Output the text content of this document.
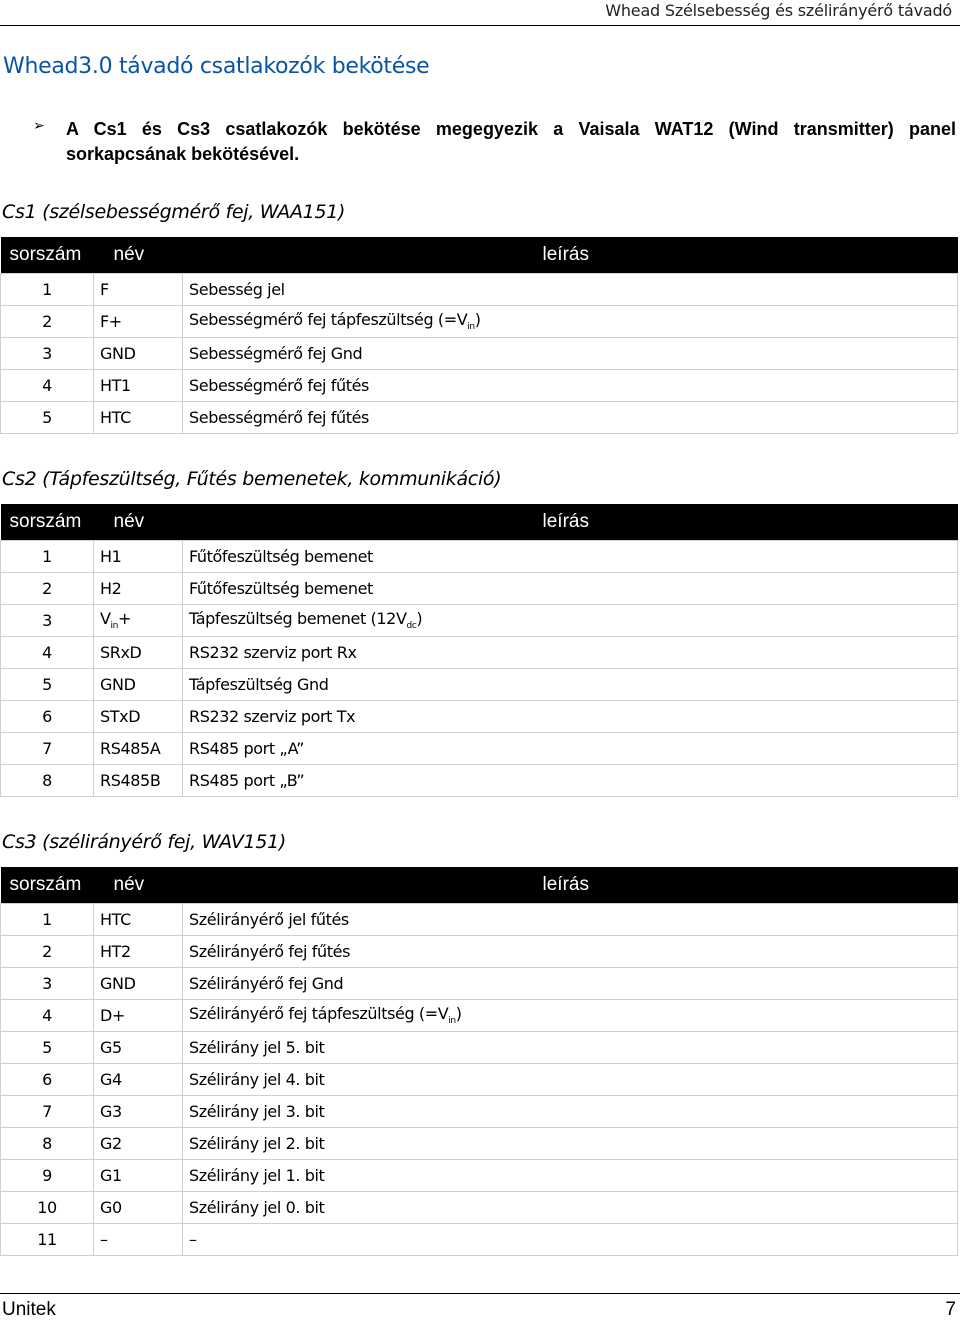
Whead Szélsebesség és szélirányérő távadó
Whead3.0 távadó csatlakozók bekötése
➢ A Cs1 és Cs3 csatlakozók bekötése megegyezik a Vaisala WAT12 (Wind transmitter) panel sorkapcsának bekötésével.
Cs1 (szélsebességmérő fej, WAA151)
sorszám	név	leírás
1	F	Sebesség jel
2	F+	Sebességmérő fej tápfeszültség $(=V_{in})$
3	GND	Sebességmérő fej Gnd
4	HT1	Sebességmérő fej fűtés
5	HTC	Sebességmérő fej fűtés
Cs2 (Tápfeszültség, Fűtés bemenetek, kommunikáció)
sorszám	név	leírás
1	H1	Fűtőfeszültség bemenet
2	H2	Fűtőfeszültség bemenet
3	$V_{in}+$	Tápfeszültség bemenet $(12V_{dc})$
4	SRxD	RS232 szerviz port Rx
5	GND	Tápfeszültség Gnd
6	STxD	RS232 szerviz port Tx
7	RS485A	RS485 port „A”
8	RS485B	RS485 port „B”
Cs3 (szélirányérő fej, WAV151)
sorszám	név	leírás
1	HTC	Szélirányérő jel fűtés
2	HT2	Szélirányérő fej fűtés
3	GND	Szélirányérő fej Gnd
4	D+	Szélirányérő fej tápfeszültség $(=V_{in})$
5	G5	Szélirány jel 5. bit
6	G4	Szélirány jel 4. bit
7	G3	Szélirány jel 3. bit
8	G2	Szélirány jel 2. bit
9	G1	Szélirány jel 1. bit
10	G0	Szélirány jel 0. bit
11	–	–
Unitek	7
